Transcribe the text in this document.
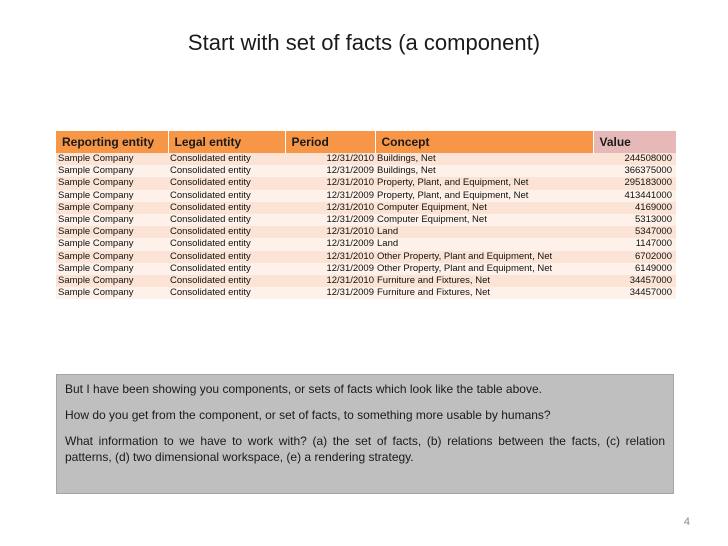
Start with set of facts (a component)
Reporting entity	Legal entity	Period	Concept	Value
Sample Company	Consolidated entity	12/31/2010	Buildings, Net	244508000
Sample Company	Consolidated entity	12/31/2009	Buildings, Net	366375000
Sample Company	Consolidated entity	12/31/2010	Property, Plant, and Equipment, Net	295183000
Sample Company	Consolidated entity	12/31/2009	Property, Plant, and Equipment, Net	413441000
Sample Company	Consolidated entity	12/31/2010	Computer Equipment, Net	4169000
Sample Company	Consolidated entity	12/31/2009	Computer Equipment, Net	5313000
Sample Company	Consolidated entity	12/31/2010	Land	5347000
Sample Company	Consolidated entity	12/31/2009	Land	1147000
Sample Company	Consolidated entity	12/31/2010	Other Property, Plant and Equipment, Net	6702000
Sample Company	Consolidated entity	12/31/2009	Other Property, Plant and Equipment, Net	6149000
Sample Company	Consolidated entity	12/31/2010	Furniture and Fixtures, Net	34457000
Sample Company	Consolidated entity	12/31/2009	Furniture and Fixtures, Net	34457000

But I have been showing you components, or sets of facts which look like the table above.

How do you get from the component, or set of facts, to something more usable by humans?

What information to we have to work with? (a) the set of facts, (b) relations between the facts, (c) relation patterns, (d) two dimensional workspace, (e) a rendering strategy.

4
